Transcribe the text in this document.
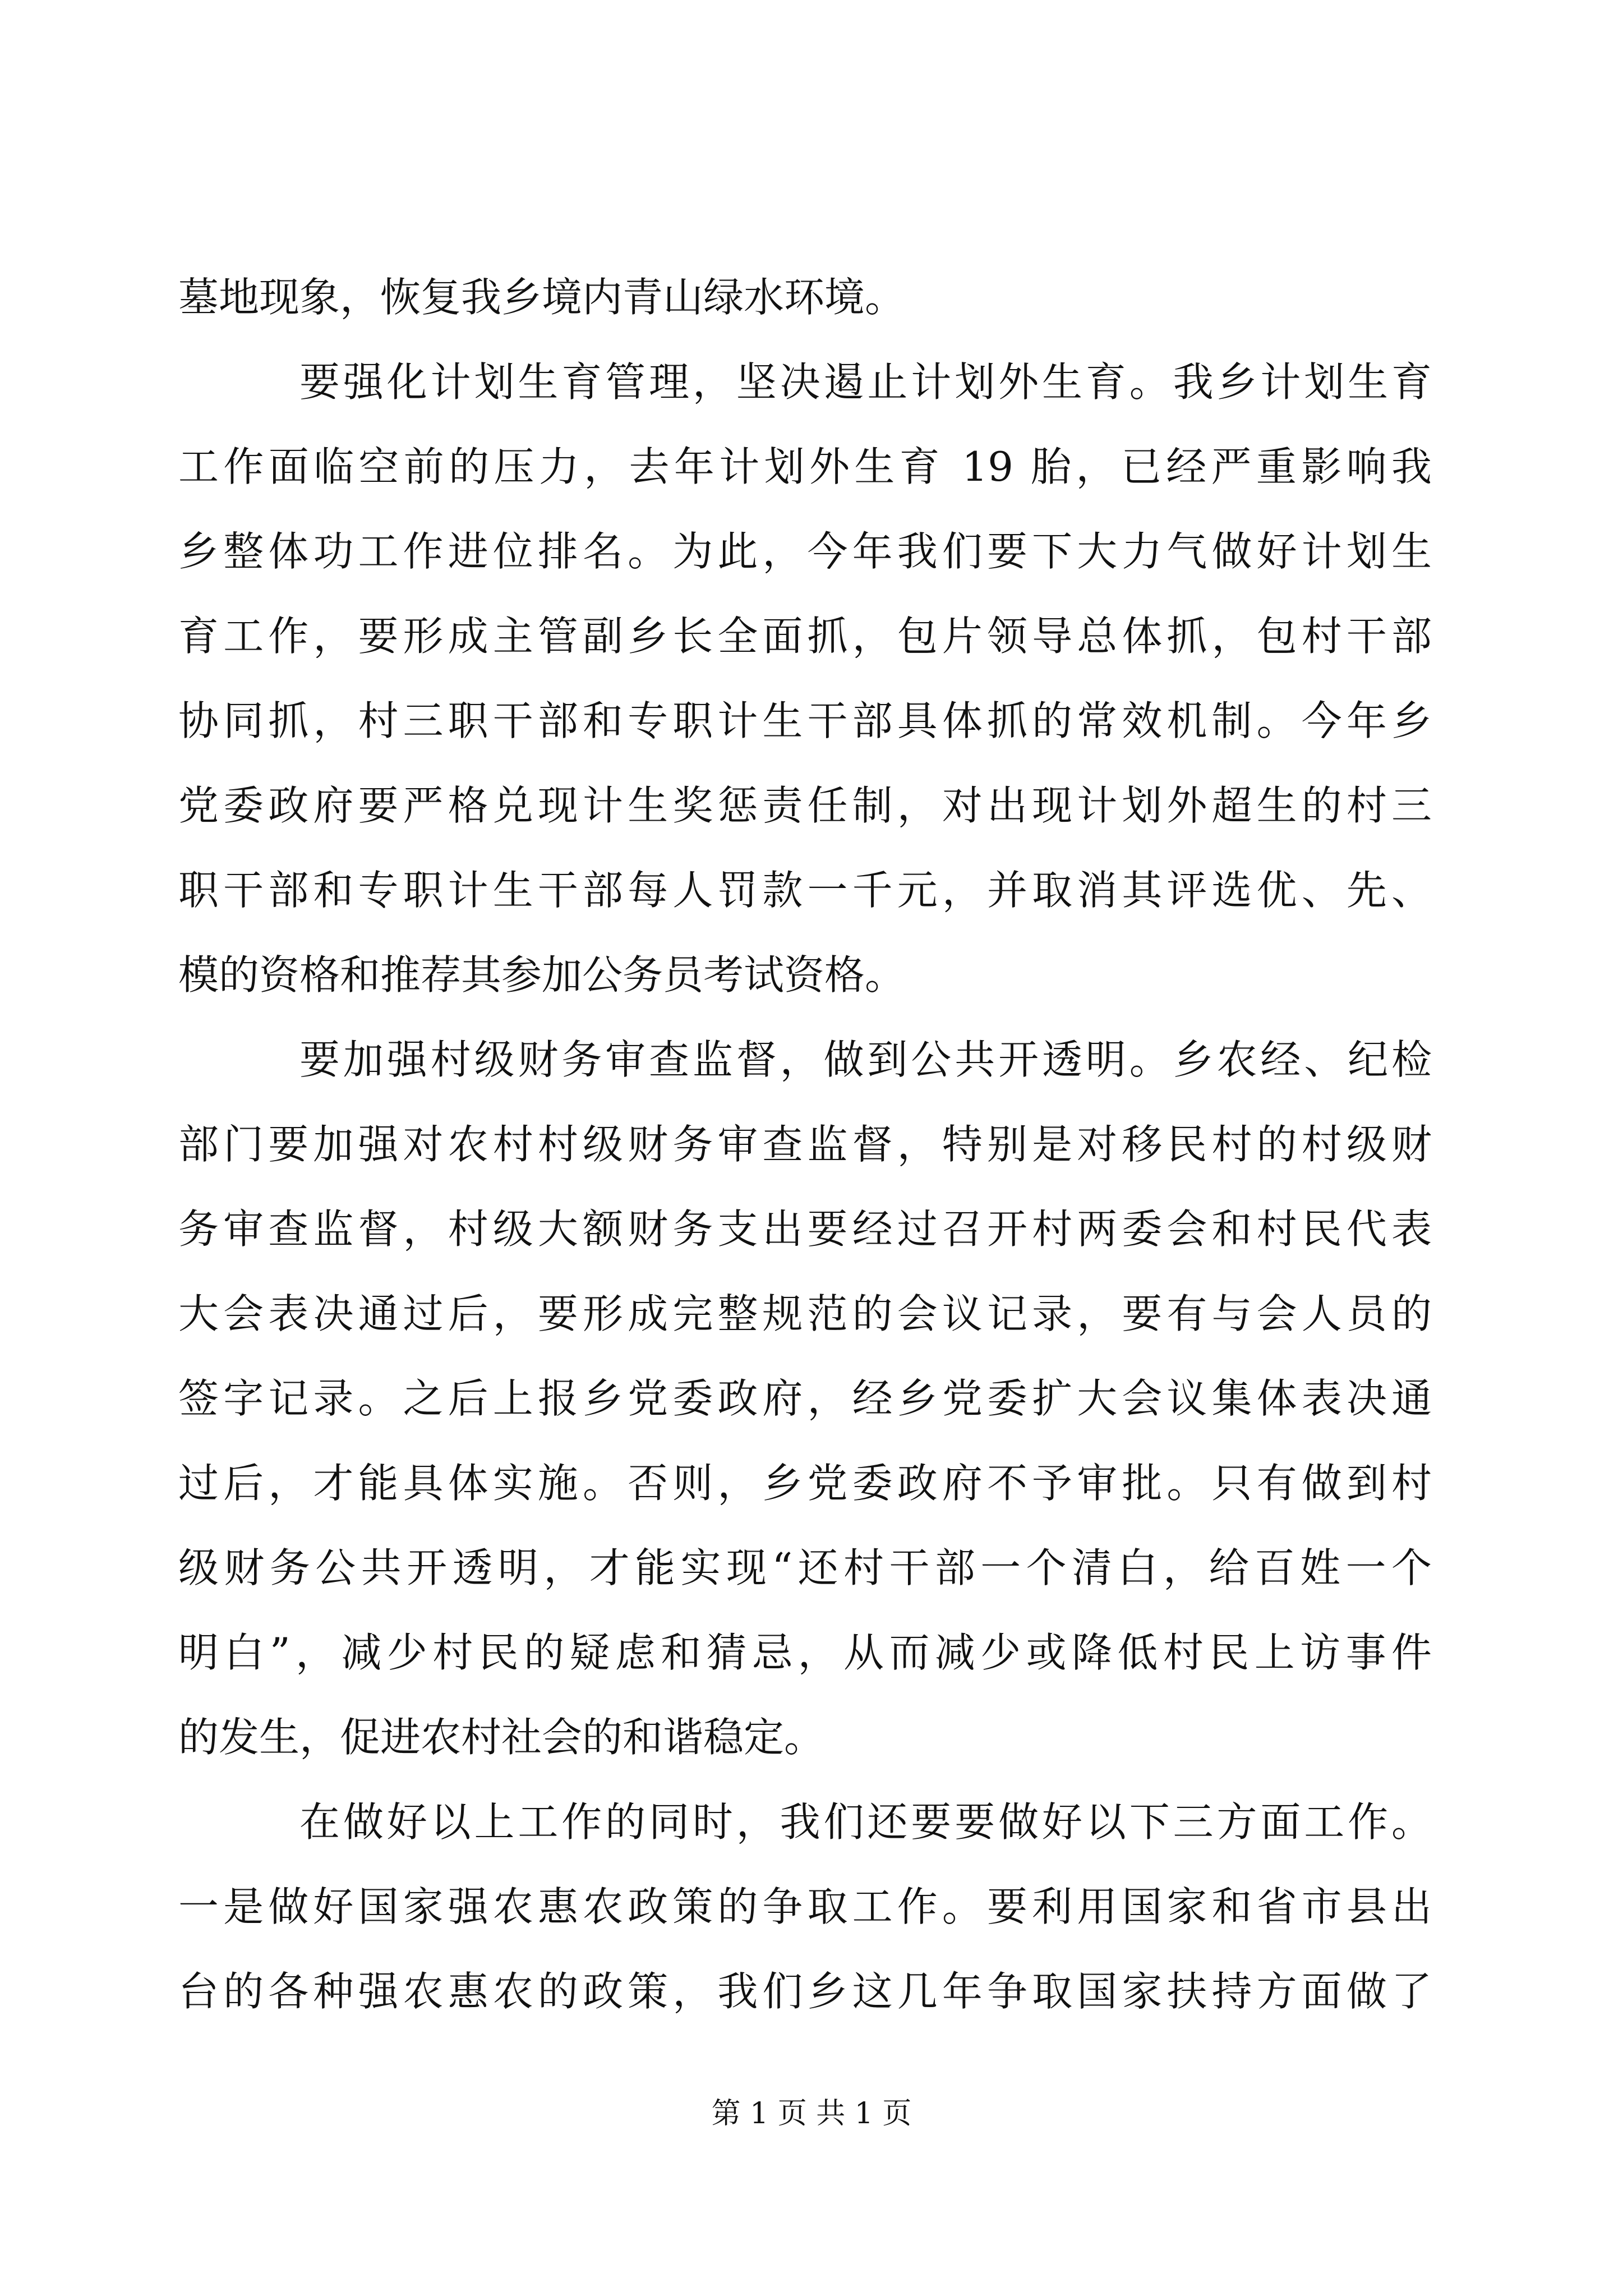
墓地现象，恢复我乡境内青山绿水环境。
要强化计划生育管理，坚决遏止计划外生育。我乡计划生育
工作面临空前的压力，去年计划外生育 19 胎，已经严重影响我
乡整体功工作进位排名。为此，今年我们要下大力气做好计划生
育工作，要形成主管副乡长全面抓，包片领导总体抓，包村干部
协同抓，村三职干部和专职计生干部具体抓的常效机制。今年乡
党委政府要严格兑现计生奖惩责任制，对出现计划外超生的村三
职干部和专职计生干部每人罚款一千元，并取消其评选优、先、
模的资格和推荐其参加公务员考试资格。
要加强村级财务审查监督，做到公共开透明。乡农经、纪检
部门要加强对农村村级财务审查监督，特别是对移民村的村级财
务审查监督，村级大额财务支出要经过召开村两委会和村民代表
大会表决通过后，要形成完整规范的会议记录，要有与会人员的
签字记录。之后上报乡党委政府，经乡党委扩大会议集体表决通
过后，才能具体实施。否则，乡党委政府不予审批。只有做到村
级财务公共开透明，才能实现“还村干部一个清白，给百姓一个
明白”，减少村民的疑虑和猜忌，从而减少或降低村民上访事件
的发生，促进农村社会的和谐稳定。
在做好以上工作的同时，我们还要要做好以下三方面工作。
一是做好国家强农惠农政策的争取工作。要利用国家和省市县出
台的各种强农惠农的政策，我们乡这几年争取国家扶持方面做了
第 1 页 共 1 页
